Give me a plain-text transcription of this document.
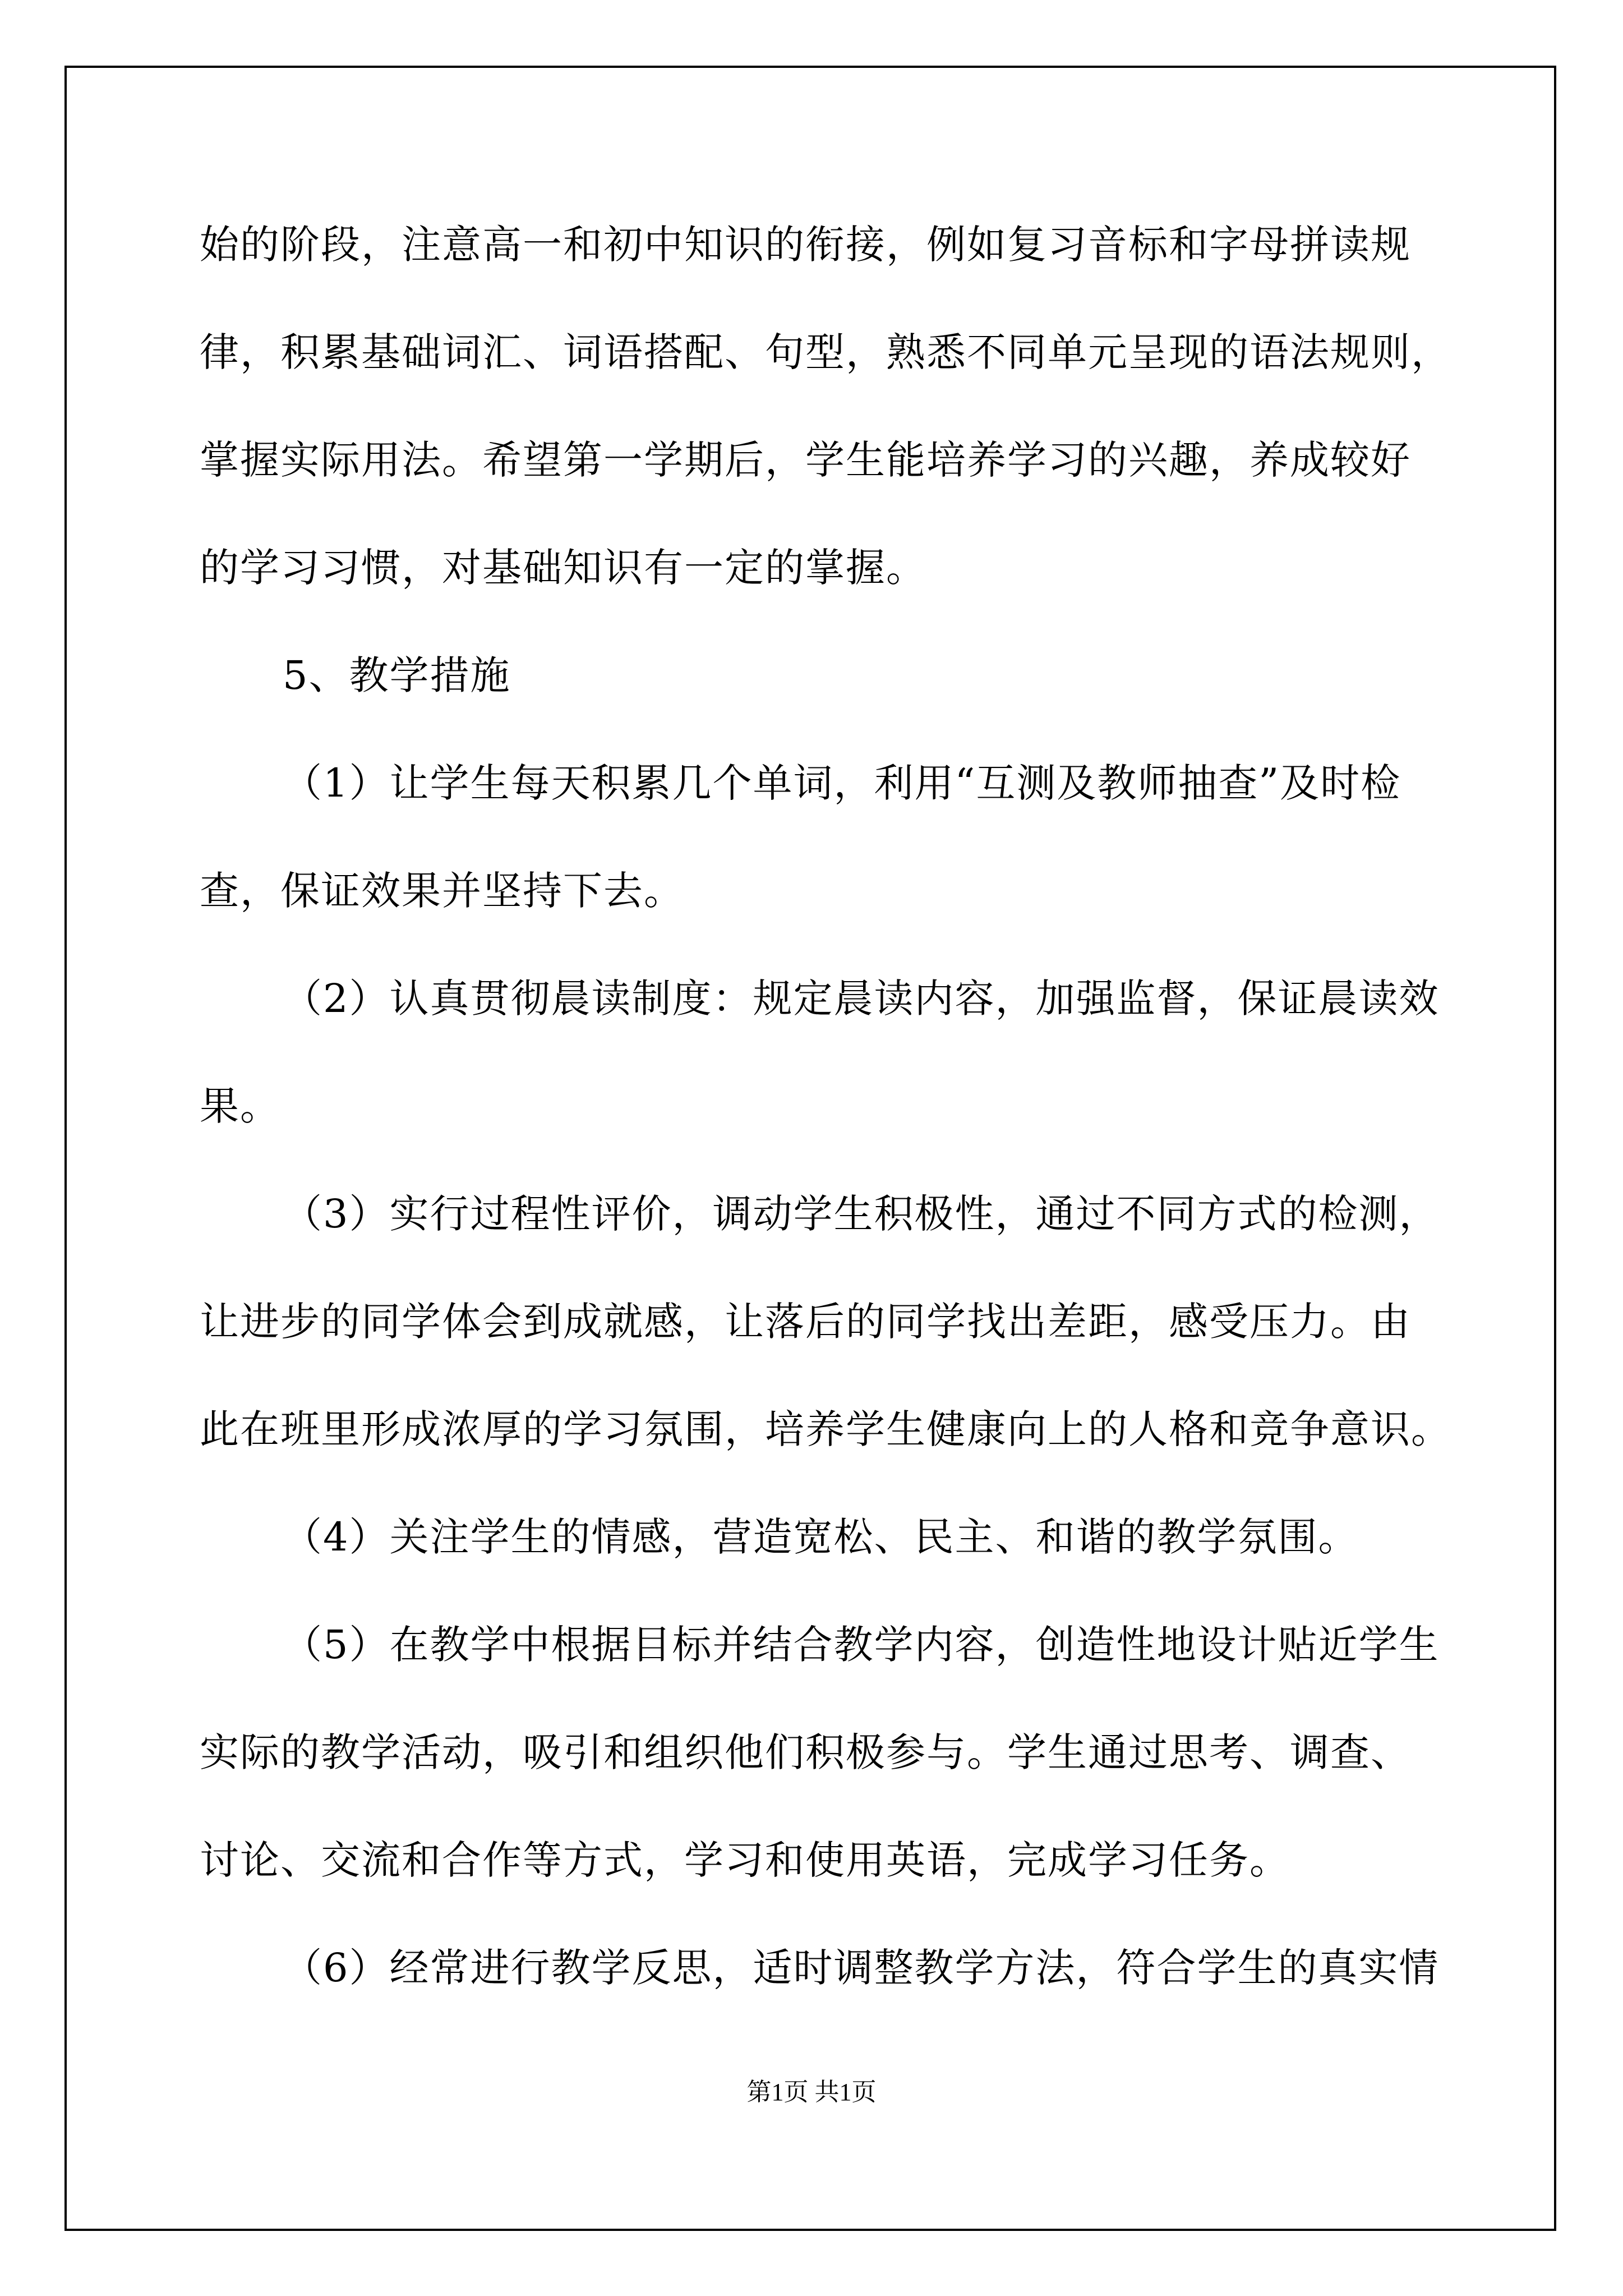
始的阶段，注意高一和初中知识的衔接，例如复习音标和字母拼读规
律，积累基础词汇、词语搭配、句型，熟悉不同单元呈现的语法规则，
掌握实际用法。希望第一学期后，学生能培养学习的兴趣，养成较好
的学习习惯，对基础知识有一定的掌握。
5、教学措施
（1）让学生每天积累几个单词，利用“互测及教师抽查”及时检
查，保证效果并坚持下去。
（2）认真贯彻晨读制度：规定晨读内容，加强监督，保证晨读效
果。
（3）实行过程性评价，调动学生积极性，通过不同方式的检测，
让进步的同学体会到成就感，让落后的同学找出差距，感受压力。由
此在班里形成浓厚的学习氛围，培养学生健康向上的人格和竞争意识。
（4）关注学生的情感，营造宽松、民主、和谐的教学氛围。
（5）在教学中根据目标并结合教学内容，创造性地设计贴近学生
实际的教学活动，吸引和组织他们积极参与。学生通过思考、调查、
讨论、交流和合作等方式，学习和使用英语，完成学习任务。
（6）经常进行教学反思，适时调整教学方法，符合学生的真实情
第1页 共1页
